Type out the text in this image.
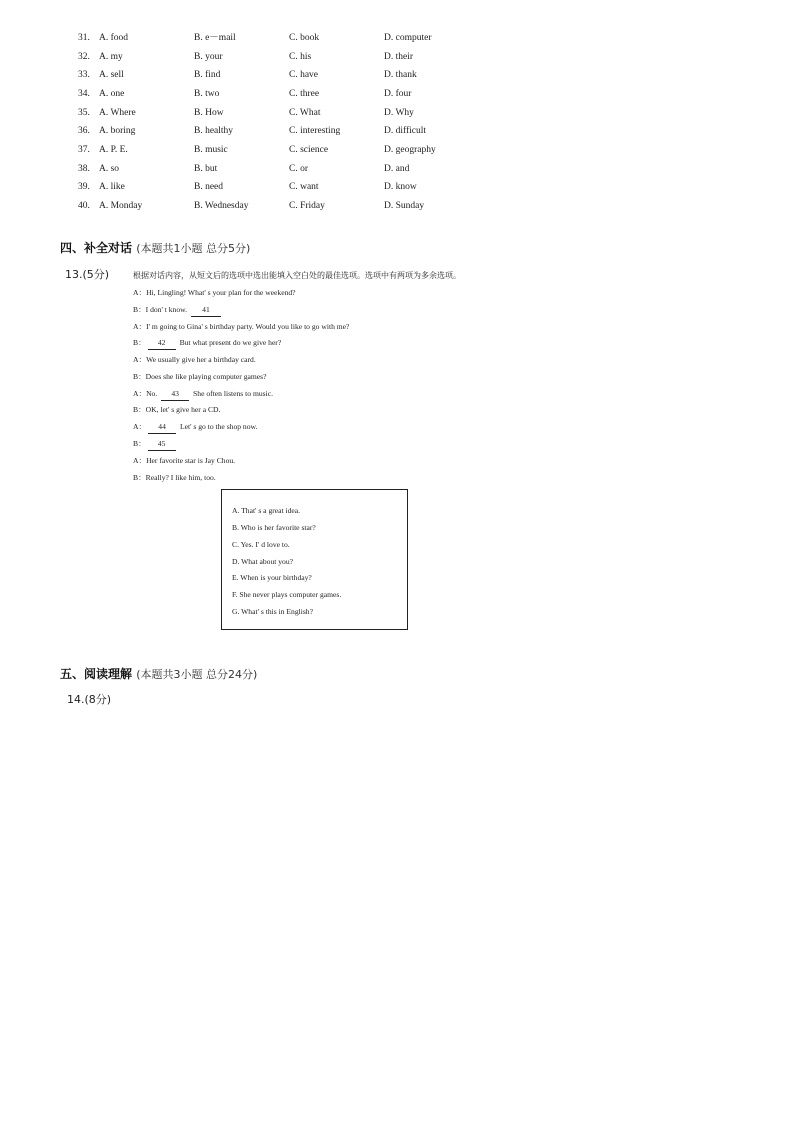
31. A. food	B. e－mail	C. book	D. computer
32. A. my	B. your	C. his	D. their
33. A. sell	B. find	C. have	D. thank
34. A. one	B. two	C. three	D. four
35. A. Where	B. How	C. What	D. Why
36. A. boring	B. healthy	C. interesting	D. difficult
37. A. P. E.	B. music	C. science	D. geography
38. A. so	B. but	C. or	D. and
39. A. like	B. need	C. want	D. know
40. A. Monday	B. Wednesday	C. Friday	D. Sunday
四、补全对话 (本题共1小题 总分5分)
13.(5分)	根据对话内容，从短文后的选项中选出能填入空白处的最佳选项。选项中有两项为多余选项。
A：Hi, Lingling! What' s your plan for the weekend?
B：I don' t know. 41
A：I' m going to Gina' s birthday party. Would you like to go with me?
B： 42 But what present do we give her?
A：We usually give her a birthday card.
B：Does she like playing computer games?
A：No. 43 She often listens to music.
B：OK, let' s give her a CD.
A： 44 Let' s go to the shop now.
B： 45
A：Her favorite star is Jay Chou.
B：Really? I like him, too.
A. That' s a great idea.
B. Who is her favorite star?
C. Yes. I' d love to.
D. What about you?
E. When is your birthday?
F. She never plays computer games.
G. What' s this in English?
五、阅读理解 (本题共3小题 总分24分)
14.(8分)
